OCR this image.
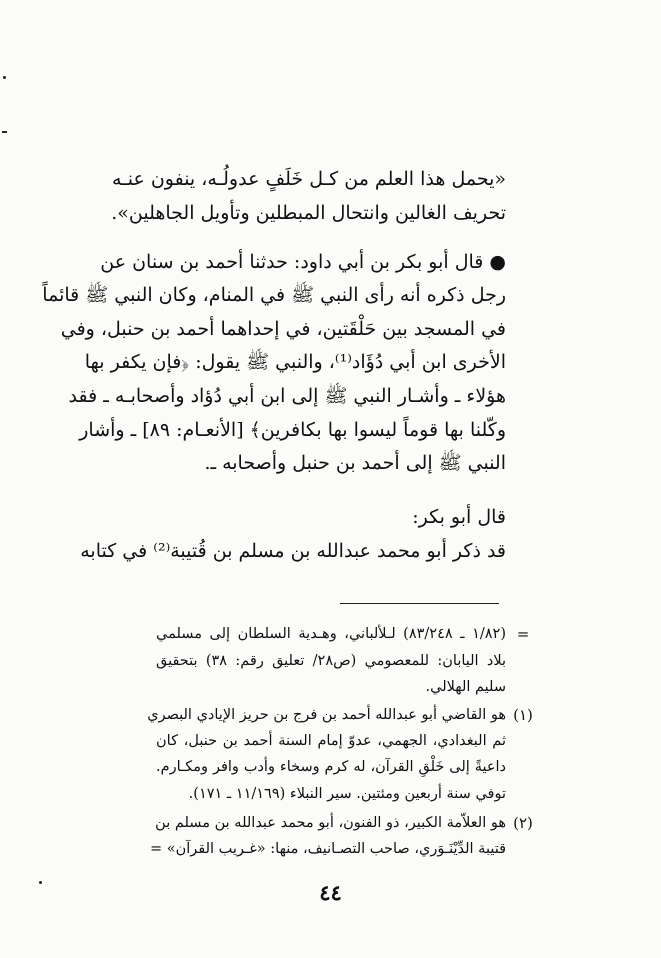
«يحمل هذا العلم من كـل خَلَفٍ عدولُـه، ينفون عنـه
تحريف الغالين وانتحال المبطلين وتأويل الجاهلين».
● قال أبو بكر بن أبي داود: حدثنا أحمد بن سنان عن
رجل ذكره أنه رأى النبي ﷺ في المنام، وكان النبي ﷺ قائماً
في المسجد بين حَلْقَتين، في إحداهما أحمد بن حنبل، وفي
الأخرى ابن أبي دُؤَاد⁽¹⁾، والنبي ﷺ يقول: ﴿فإن يكفر بها
هؤلاء ـ وأشـار النبي ﷺ إلى ابن أبي دُؤاد وأصحابـه ـ فقد
وكّلنا بها قوماً ليسوا بها بكافرين﴾ [الأنعـام: ٨٩] ـ وأشار
النبي ﷺ إلى أحمد بن حنبل وأصحابه ـ.
قال أبو بكر:
قد ذكر أبو محمد عبدالله بن مسلم بن قُتيبة⁽²⁾ في كتابه
=
(١/٨٢ ـ ٨٣/٢٤٨) لـلألباني، وهـدية السلطان إلى مسلمي
بلاد اليابان: للمعصومي (ص٢٨/ تعليق رقم: ٣٨) بتحقيق
سليم الهلالي.
(١)
هو القاضي أبو عبدالله أحمد بن فرج بن حريز الإيادي البصري
ثم البغدادي، الجهمي، عدوّ إمام السنة أحمد بن حنبل، كان
داعيةً إلى خَلْقِ القرآن، له كرم وسخاء وأدب وافر ومكـارم.
توفي سنة أربعين ومئتين. سير النبلاء (١١/١٦٩ ـ ١٧١).
(٢)
هو العلاّمة الكبير، ذو الفنون، أبو محمد عبدالله بن مسلم بن
قتيبة الدِّيْنَـوَري، صاحب التصـانيف، منها: «غـريب القرآن» =
٤٤
